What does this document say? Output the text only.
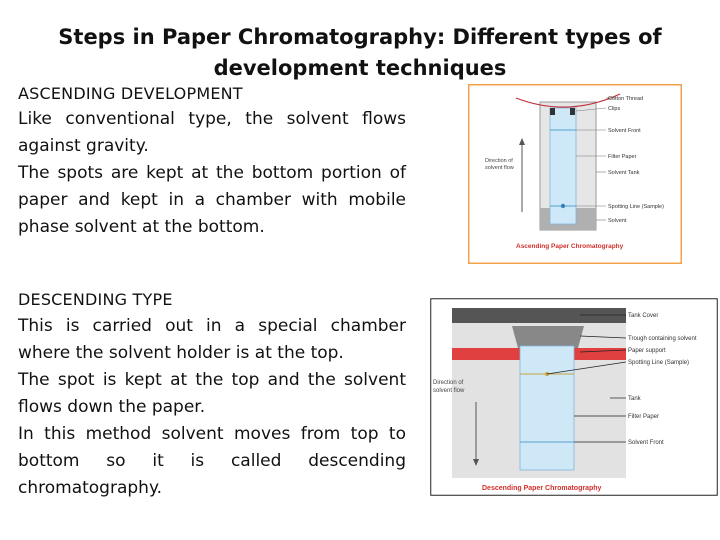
Steps in Paper Chromatography: Different types of development techniques
ASCENDING DEVELOPMENT
Like conventional type, the solvent flows against gravity.
The spots are kept at the bottom portion of paper and kept in a chamber with mobile phase solvent at the bottom.
DESCENDING TYPE
This is carried out in a special chamber where the solvent holder is at the top.
The spot is kept at the top and the solvent flows down the paper.
In this method solvent moves from top to bottom so it is called descending chromatography.
Direction of
solvent flow
Cotton Thread
Clips
Solvent Front
Filter Paper
Solvent Tank
Spotting Line (Sample)
Solvent
Ascending Paper Chromatography
Direction of
solvent flow
Tank Cover
Trough containing solvent
Paper support
Spotting Line (Sample)
Tank
Filter Paper
Solvent Front
Descending Paper Chromatography
